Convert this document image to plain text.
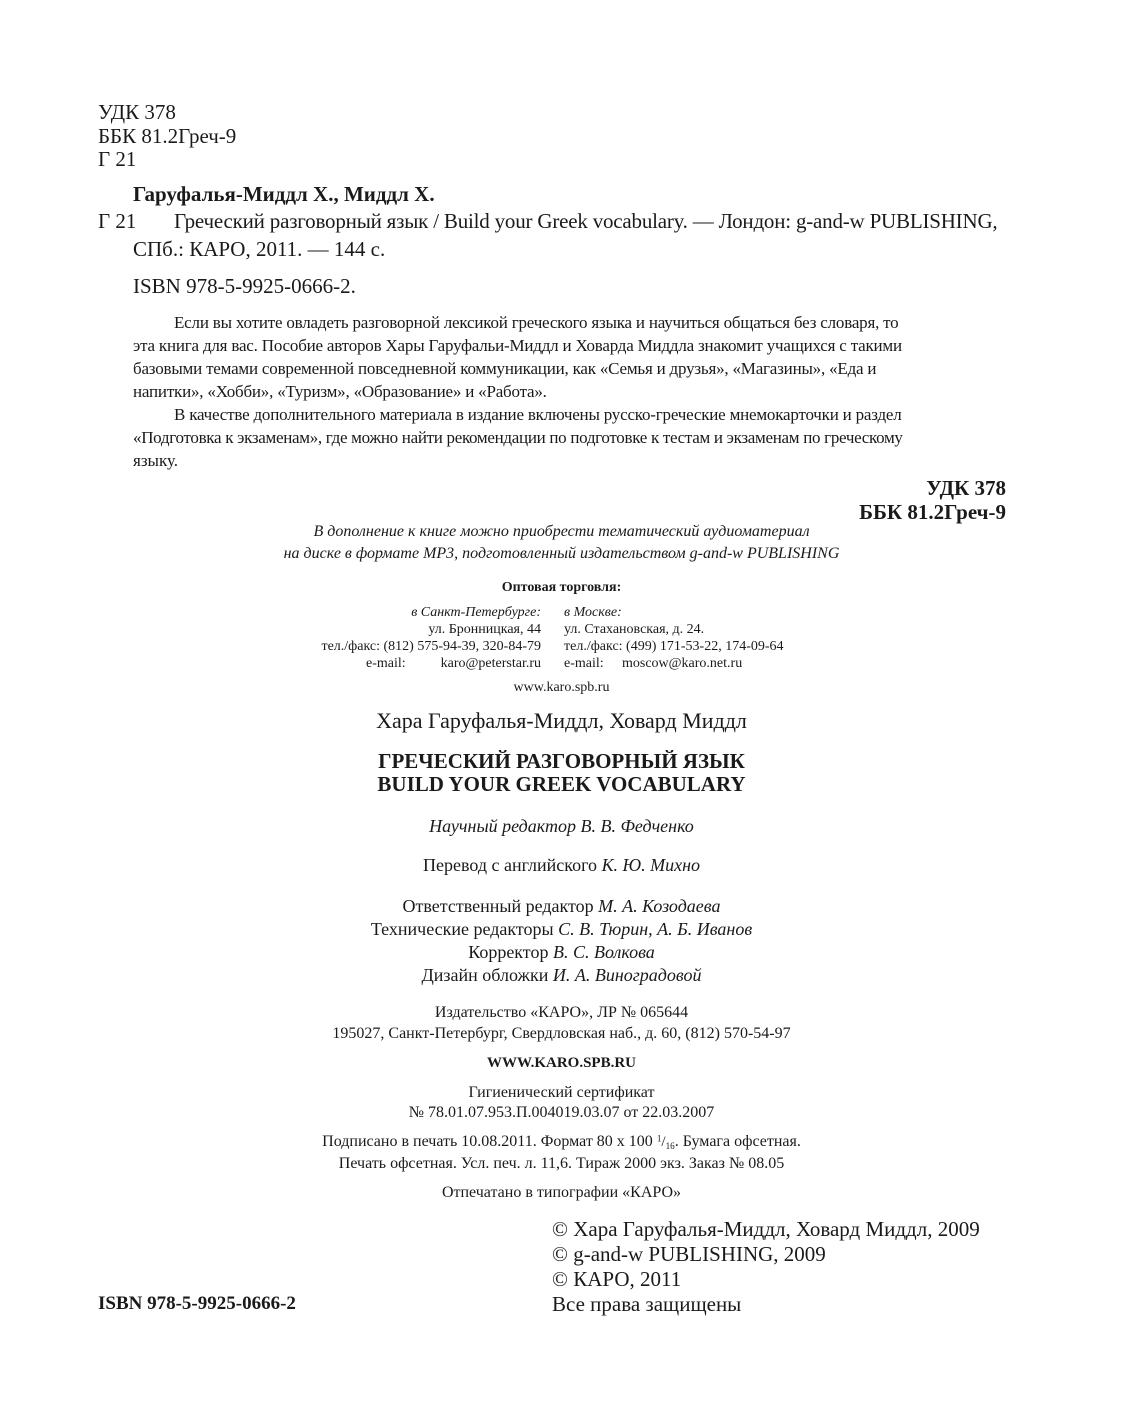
УДК 378
ББК 81.2Греч-9
Г 21
Гаруфалья-Миддл Х., Миддл Х.
Г 21 Греческий разговорный язык / Build your Greek vocabulary. — Лондон: g-and-w PUBLISHING,
СПб.: КАРО, 2011. — 144 с.
ISBN 978-5-9925-0666-2.
Если вы хотите овладеть разговорной лексикой греческого языка и научиться общаться без словаря, то
эта книга для вас. Пособие авторов Хары Гаруфальи-Миддл и Ховарда Миддла знакомит учащихся с такими
базовыми темами современной повседневной коммуникации, как «Семья и друзья», «Магазины», «Еда и
напитки», «Хобби», «Туризм», «Образование» и «Работа».
В качестве дополнительного материала в издание включены русско-греческие мнемокарточки и раздел
«Подготовка к экзаменам», где можно найти рекомендации по подготовке к тестам и экзаменам по греческому
языку.
УДК 378
ББК 81.2Греч-9
В дополнение к книге можно приобрести тематический аудиоматериал
на диске в формате MP3, подготовленный издательством g-and-w PUBLISHING
Оптовая торговля:
в Санкт-Петербурге:
ул. Бронницкая, 44
тел./факс: (812) 575-94-39, 320-84-79
e-mail: karo@peterstar.ru
в Москве:
ул. Стахановская, д. 24.
тел./факс: (499) 171-53-22, 174-09-64
e-mail: moscow@karo.net.ru
www.karo.spb.ru
Хара Гаруфалья-Миддл, Ховард Миддл
ГРЕЧЕСКИЙ РАЗГОВОРНЫЙ ЯЗЫК
BUILD YOUR GREEK VOCABULARY
Научный редактор В. В. Федченко
Перевод с английского К. Ю. Михно
Ответственный редактор М. А. Козодаева
Технические редакторы С. В. Тюрин, А. Б. Иванов
Корректор В. С. Волкова
Дизайн обложки И. А. Виноградовой
Издательство «КАРО», ЛР № 065644
195027, Санкт-Петербург, Свердловская наб., д. 60, (812) 570-54-97
WWW.KARO.SPB.RU
Гигиенический сертификат
№ 78.01.07.953.П.004019.03.07 от 22.03.2007
Подписано в печать 10.08.2011. Формат 80 х 100 $^1/_{16}$. Бумага офсетная.
Печать офсетная. Усл. печ. л. 11,6. Тираж 2000 экз. Заказ № 08.05
Отпечатано в типографии «КАРО»
© Хара Гаруфалья-Миддл, Ховард Миддл, 2009
© g-and-w PUBLISHING, 2009
© КАРО, 2011
Все права защищены
ISBN 978-5-9925-0666-2
